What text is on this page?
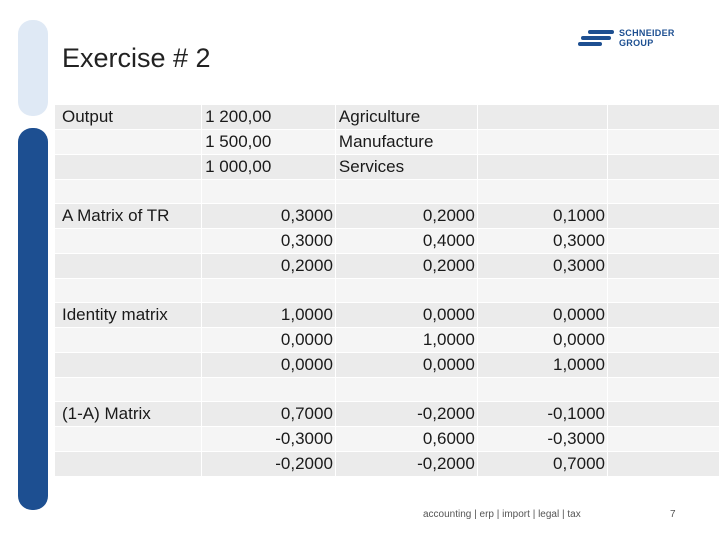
Exercise # 2
SCHNEIDER
GROUP
Output	1 200,00	Agriculture		
	1 500,00	Manufacture		
	1 000,00	Services		

A Matrix of TR	0,3000	0,2000	0,1000	
	0,3000	0,4000	0,3000	
	0,2000	0,2000	0,3000	

Identity matrix	1,0000	0,0000	0,0000	
	0,0000	1,0000	0,0000	
	0,0000	0,0000	1,0000	

(1-A) Matrix	0,7000	-0,2000	-0,1000	
	-0,3000	0,6000	-0,3000	
	-0,2000	-0,2000	0,7000	
accounting | erp | import | legal | tax	7
